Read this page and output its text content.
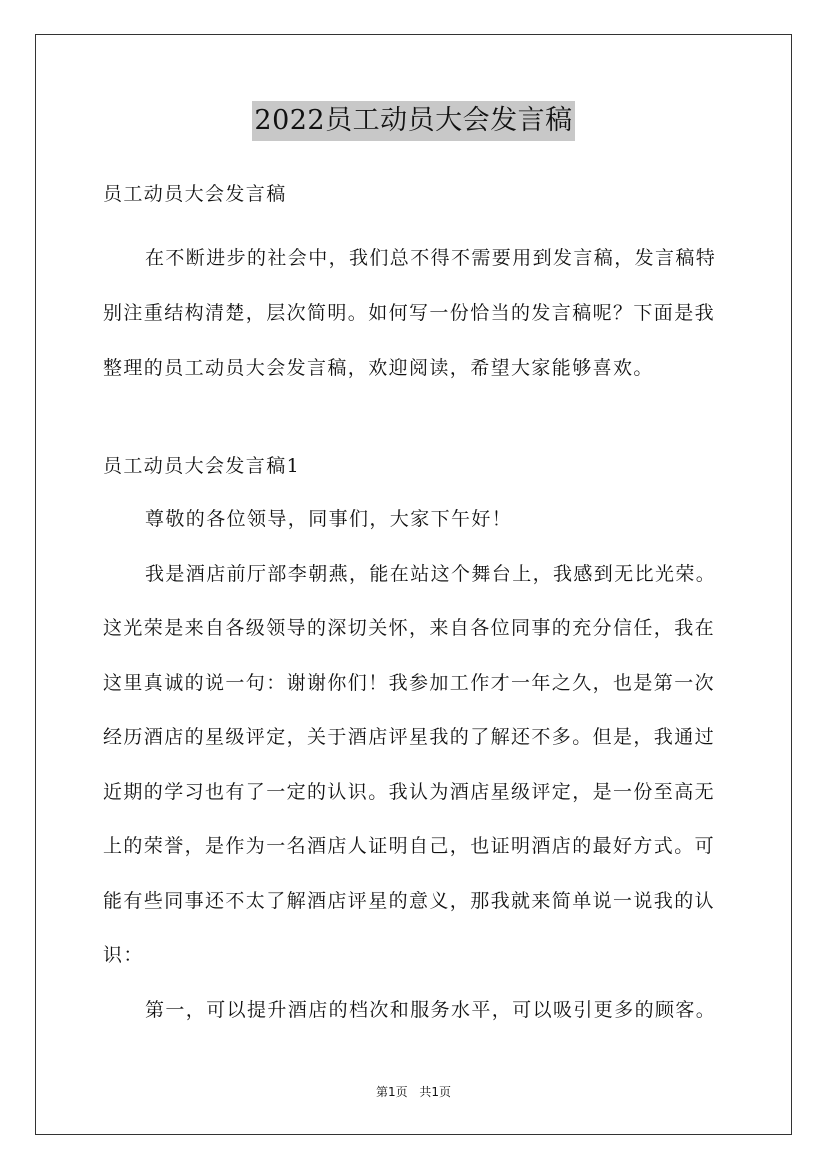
2022员工动员大会发言稿
员工动员大会发言稿
在不断进步的社会中，我们总不得不需要用到发言稿，发言稿特别注重结构清楚，层次简明。如何写一份恰当的发言稿呢？下面是我整理的员工动员大会发言稿，欢迎阅读，希望大家能够喜欢。
员工动员大会发言稿1

尊敬的各位领导，同事们，大家下午好！

我是酒店前厅部李朝燕，能在站这个舞台上，我感到无比光荣。这光荣是来自各级领导的深切关怀，来自各位同事的充分信任，我在这里真诚的说一句：谢谢你们！我参加工作才一年之久，也是第一次经历酒店的星级评定，关于酒店评星我的了解还不多。但是，我通过近期的学习也有了一定的认识。我认为酒店星级评定，是一份至高无上的荣誉，是作为一名酒店人证明自己，也证明酒店的最好方式。可能有些同事还不太了解酒店评星的意义，那我就来简单说一说我的认识：

第一，可以提升酒店的档次和服务水平，可以吸引更多的顾客。

第1页 共1页
